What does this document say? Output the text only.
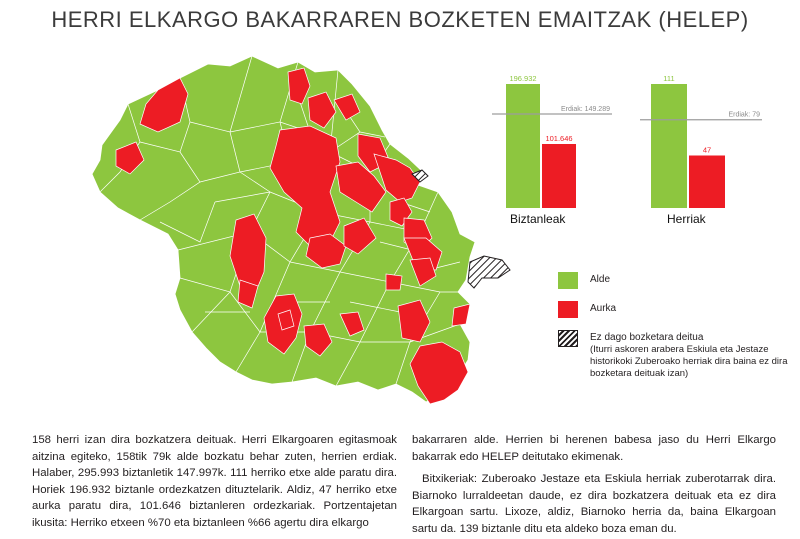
HERRI ELKARGO BAKARRAREN BOZKETEN EMAITZAK (HELEP)
196.932
101.646
Erdiak: 149.289
111
47
Erdiak: 79
Biztanleak	Herriak
Alde
Aurka
Ez dago bozketara deitua
(Iturri askoren arabera Eskiula eta Jestaze historikoki Zuberoako herriak dira baina ez dira bozketara deituak izan)

158 herri izan dira bozkatzera deituak. Herri Elkargoaren egitasmoak aitzina egiteko, 158tik 79k alde bozkatu behar zuten, herrien erdiak. Halaber, 295.993 biztanletik 147.997k. 111 herriko etxe alde paratu dira. Horiek 196.932 biztanle ordezkatzen dituztelarik. Aldiz, 47 herriko etxe aurka paratu dira, 101.646 biztanleren ordezkariak. Portzentajetan ikusita: Herriko etxeen %70 eta biztanleen %66 agertu dira elkargo

bakarraren alde. Herrien bi herenen babesa jaso du Herri Elkargo bakarrak edo HELEP deitutako ekimenak.

Bitxikeriak: Zuberoako Jestaze eta Eskiula herriak zuberotarrak dira. Biarnoko lurraldeetan daude, ez dira bozkatzera deituak eta ez dira Elkargoan sartu. Lixoze, aldiz, Biarnoko herria da, baina Elkargoan sartu da. 139 biztanle ditu eta aldeko boza eman du.
